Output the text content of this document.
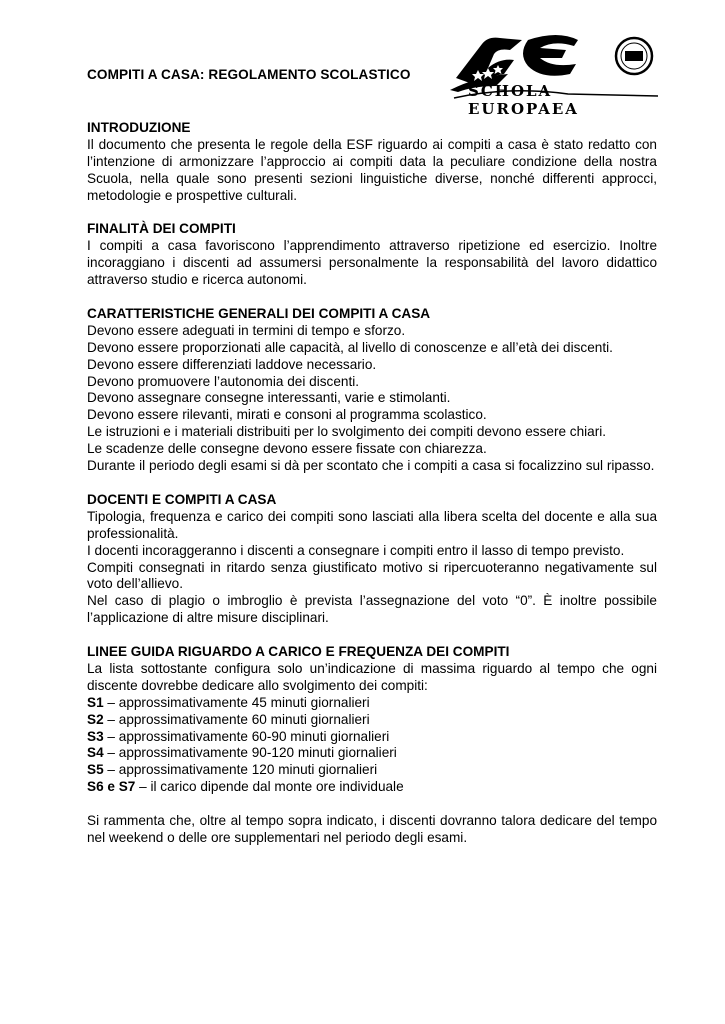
COMPITI A CASA: REGOLAMENTO SCOLASTICO
SCHOLA EUROPAEA
INTRODUZIONE

Il documento che presenta le regole della ESF riguardo ai compiti a casa è stato redatto con l’intenzione di armonizzare l’approccio ai compiti data la peculiare condizione della nostra Scuola, nella quale sono presenti sezioni linguistiche diverse, nonché differenti approcci, metodologie e prospettive culturali.

FINALITÀ DEI COMPITI

I compiti a casa favoriscono l’apprendimento attraverso ripetizione ed esercizio. Inoltre incoraggiano i discenti ad assumersi personalmente la responsabilità del lavoro didattico attraverso studio e ricerca autonomi.

CARATTERISTICHE GENERALI DEI COMPITI A CASA
Devono essere adeguati in termini di tempo e sforzo.
Devono essere proporzionati alle capacità, al livello di conoscenze e all’età dei discenti.
Devono essere differenziati laddove necessario.
Devono promuovere l’autonomia dei discenti.
Devono assegnare consegne interessanti, varie e stimolanti.
Devono essere rilevanti, mirati e consoni al programma scolastico.
Le istruzioni e i materiali distribuiti per lo svolgimento dei compiti devono essere chiari.
Le scadenze delle consegne devono essere fissate con chiarezza.
Durante il periodo degli esami si dà per scontato che i compiti a casa si focalizzino sul ripasso.
DOCENTI E COMPITI A CASA

Tipologia, frequenza e carico dei compiti sono lasciati alla libera scelta del docente e alla sua professionalità.

I docenti incoraggeranno i discenti a consegnare i compiti entro il lasso di tempo previsto.

Compiti consegnati in ritardo senza giustificato motivo si ripercuoteranno negativamente sul voto dell’allievo.

Nel caso di plagio o imbroglio è prevista l’assegnazione del voto “0”. È inoltre possibile l’applicazione di altre misure disciplinari.

LINEE GUIDA RIGUARDO A CARICO E FREQUENZA DEI COMPITI

La lista sottostante configura solo un’indicazione di massima riguardo al tempo che ogni discente dovrebbe dedicare allo svolgimento dei compiti:

S1 – approssimativamente 45 minuti giornalieri
S2 – approssimativamente 60 minuti giornalieri
S3 – approssimativamente 60-90 minuti giornalieri
S4 – approssimativamente 90-120 minuti giornalieri
S5 – approssimativamente 120 minuti giornalieri
S6 e S7 – il carico dipende dal monte ore individuale

Si rammenta che, oltre al tempo sopra indicato, i discenti dovranno talora dedicare del tempo nel weekend o delle ore supplementari nel periodo degli esami.
